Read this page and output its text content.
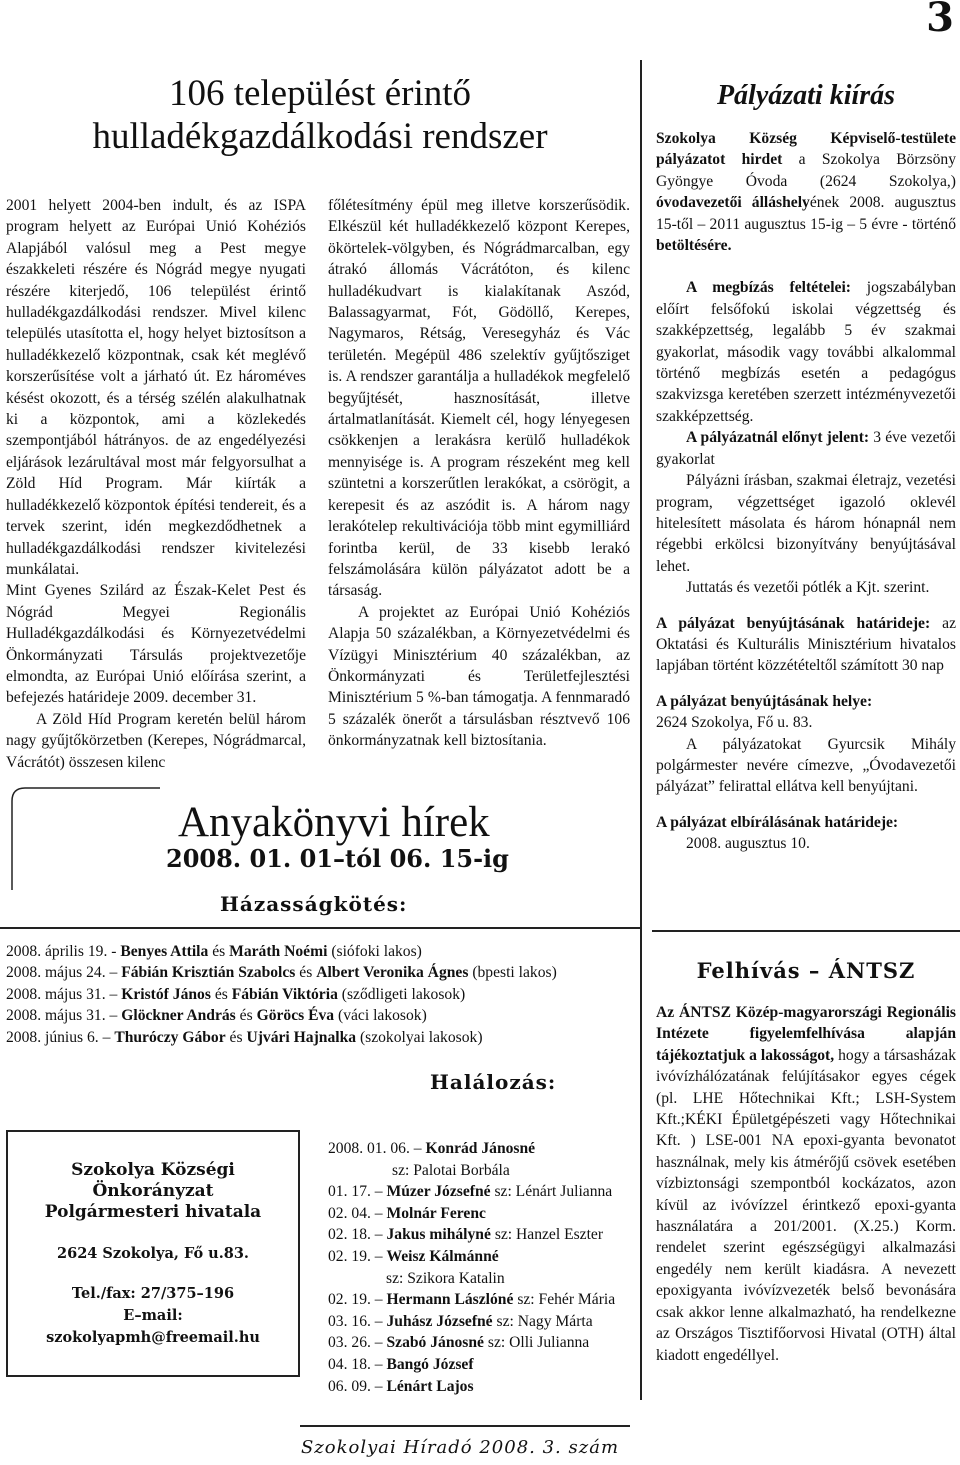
3
106 települést érintő
hulladékgazdálkodási rendszer

2001 helyett 2004-ben indult, és az ISPA program helyett az Európai Unió Kohéziós Alapjából valósul meg a Pest megye északkeleti részére és Nógrád megye nyugati részére kiterjedő, 106 települést érintő hulladékgazdálkodási rendszer. Mivel kilenc település utasította el, hogy helyet biztosítson a hulladékkezelő központnak, csak két meglévő korszerűsítése volt a járható út. Ez hároméves késést okozott, és a térség szélén alakulhatnak ki a központok, ami a közlekedés szempontjából hátrányos. de az engedélyezési eljárások lezárultával most már felgyorsulhat a Zöld Híd Program. Már kiírták a hulladékkezelő központok építési tendereit, és a tervek szerint, idén megkezdődhetnek a hulladékgazdálkodási rendszer kivitelezési munkálatai.

Mint Gyenes Szilárd az Észak-Kelet Pest és Nógrád Megyei Regionális Hulladékgazdálkodási és Környezetvédelmi Önkormányzati Társulás projektvezetője elmondta, az Európai Unió előírása szerint, a befejezés határideje 2009. december 31.

A Zöld Híd Program keretén belül három nagy gyűjtőkörzetben (Kerepes, Nógrádmarcal, Vácrátót) összesen kilenc

főlétesítmény épül meg illetve korszerűsödik. Elkészül két hulladékkezelő központ Kerepes, ökörtelek-völgyben, és Nógrádmarcalban, egy átrakó állomás Vácrátóton, és kilenc hulladékudvart is kialakítanak Aszód, Balassagyarmat, Fót, Gödöllő, Kerepes, Nagymaros, Rétság, Veresegyház és Vác területén. Megépül 486 szelektív gyűjtősziget is. A rendszer garantálja a hulladékok megfelelő begyűjtését, hasznosítását, illetve ártalmatlanítását. Kiemelt cél, hogy lényegesen csökkenjen a lerakásra kerülő hulladékok mennyisége is. A program részeként meg kell szüntetni a korszerűtlen lerakókat, a csörögit, a kerepesit és az aszódit is. A három nagy lerakótelep rekultivációja több mint egymilliárd forintba kerül, de 33 kisebb lerakó felszámolására külön pályázatot adott be a társaság.

A projektet az Európai Unió Kohéziós Alapja 50 százalékban, a Környezetvédelmi és Vízügyi Minisztérium 40 százalékban, az Önkormányzati és Területfejlesztési Minisztérium 5 %-ban támogatja. A fennmaradó 5 százalék önerőt a társulásban résztvevő 106 önkormányzatnak kell biztosítania.

Pályázati kiírás

Szokolya Község Képviselő-testülete pályázatot hirdet a Szokolya Börzsöny Gyöngye Óvoda (2624 Szokolya,) óvodavezetői álláshelyének 2008. augusztus 15-től – 2011 augusztus 15-ig – 5 évre - történő betöltésére.

A megbízás feltételei: jogszabályban előírt felsőfokú iskolai végzettség és szakképzettség, legalább 5 év szakmai gyakorlat, második vagy további alkalommal történő megbízás esetén a pedagógus szakvizsga keretében szerzett intézményvezetői szakképzettség.

A pályázatnál előnyt jelent: 3 éve vezetői gyakorlat

Pályázni írásban, szakmai életrajz, vezetési program, végzettséget igazoló oklevél hitelesített másolata és három hónapnál nem régebbi erkölcsi bizonyítvány benyújtásával lehet.

Juttatás és vezetői pótlék a Kjt. szerint.

A pályázat benyújtásának határideje: az Oktatási és Kulturális Minisztérium hivatalos lapjában történt közzétételtől számított 30 nap

A pályázat benyújtásának helye:

2624 Szokolya, Fő u. 83.

A pályázatokat Gyurcsik Mihály polgármester nevére címezve, „Óvodavezetői pályázat” felirattal ellátva kell benyújtani.

A pályázat elbírálásának határideje:

2008. augusztus 10.

Felhívás – ÁNTSZ

Az ÁNTSZ Közép-magyarországi Regionális Intézete figyelemfelhívása alapján tájékoztatjuk a lakosságot, hogy a társasházak ivóvízhálózatának felújításakor egyes cégek (pl. LHE Hőtechnikai Kft.; LSH-System Kft.;KÉKI Épületgépészeti vagy Hőtechnikai Kft. ) LSE-001 NA epoxi-gyanta bevonatot használnak, mely kis átmérőjű csövek esetében vízbiztonsági szempontból kockázatos, azon kívül az ivóvízzel érintkező epoxi-gyanta használatára a 201/2001. (X.25.) Korm. rendelet szerint egészségügyi alkalmazási engedély nem került kiadásra. A nevezett epoxigyanta ivóvízvezeték belső bevonására csak akkor lenne alkalmazható, ha rendelkezne az Országos Tisztifőorvosi Hivatal (OTH) által kiadott engedéllyel.

Anyakönyvi hírek
2008. 01. 01–tól 06. 15-ig
Házasságkötés:

2008. április 19. - Benyes Attila és Maráth Noémi (siófoki lakos)

2008. május 24. – Fábián Krisztián Szabolcs és Albert Veronika Ágnes (bpesti lakos)

2008. május 31. – Kristóf János és Fábián Viktória (sződligeti lakosok)

2008. május 31. – Glöckner András és Göröcs Éva (váci lakosok)

2008. június 6. – Thuróczy Gábor és Ujvári Hajnalka (szokolyai lakosok)

Halálozás:

2008. 01. 06. – Konrád Jánosné

sz: Palotai Borbála

01. 17. – Múzer Józsefné sz: Lénárt Julianna

02. 04. – Molnár Ferenc

02. 18. – Jakus mihályné sz: Hanzel Eszter

02. 19. – Weisz Kálmánné

sz: Szikora Katalin

02. 19. – Hermann Lászlóné sz: Fehér Mária

03. 16. – Juhász Józsefné sz: Nagy Márta

03. 26. – Szabó Jánosné sz: Olli Julianna

04. 18. – Bangó József

06. 09. – Lénárt Lajos

Szokolya Községi
Önkorányzat
Polgármesteri hivatala
2624 Szokolya, Fő u.83.
Tel./fax: 27/375–196
E–mail:
szokolyapmh@freemail.hu
Szokolyai Híradó 2008. 3. szám
